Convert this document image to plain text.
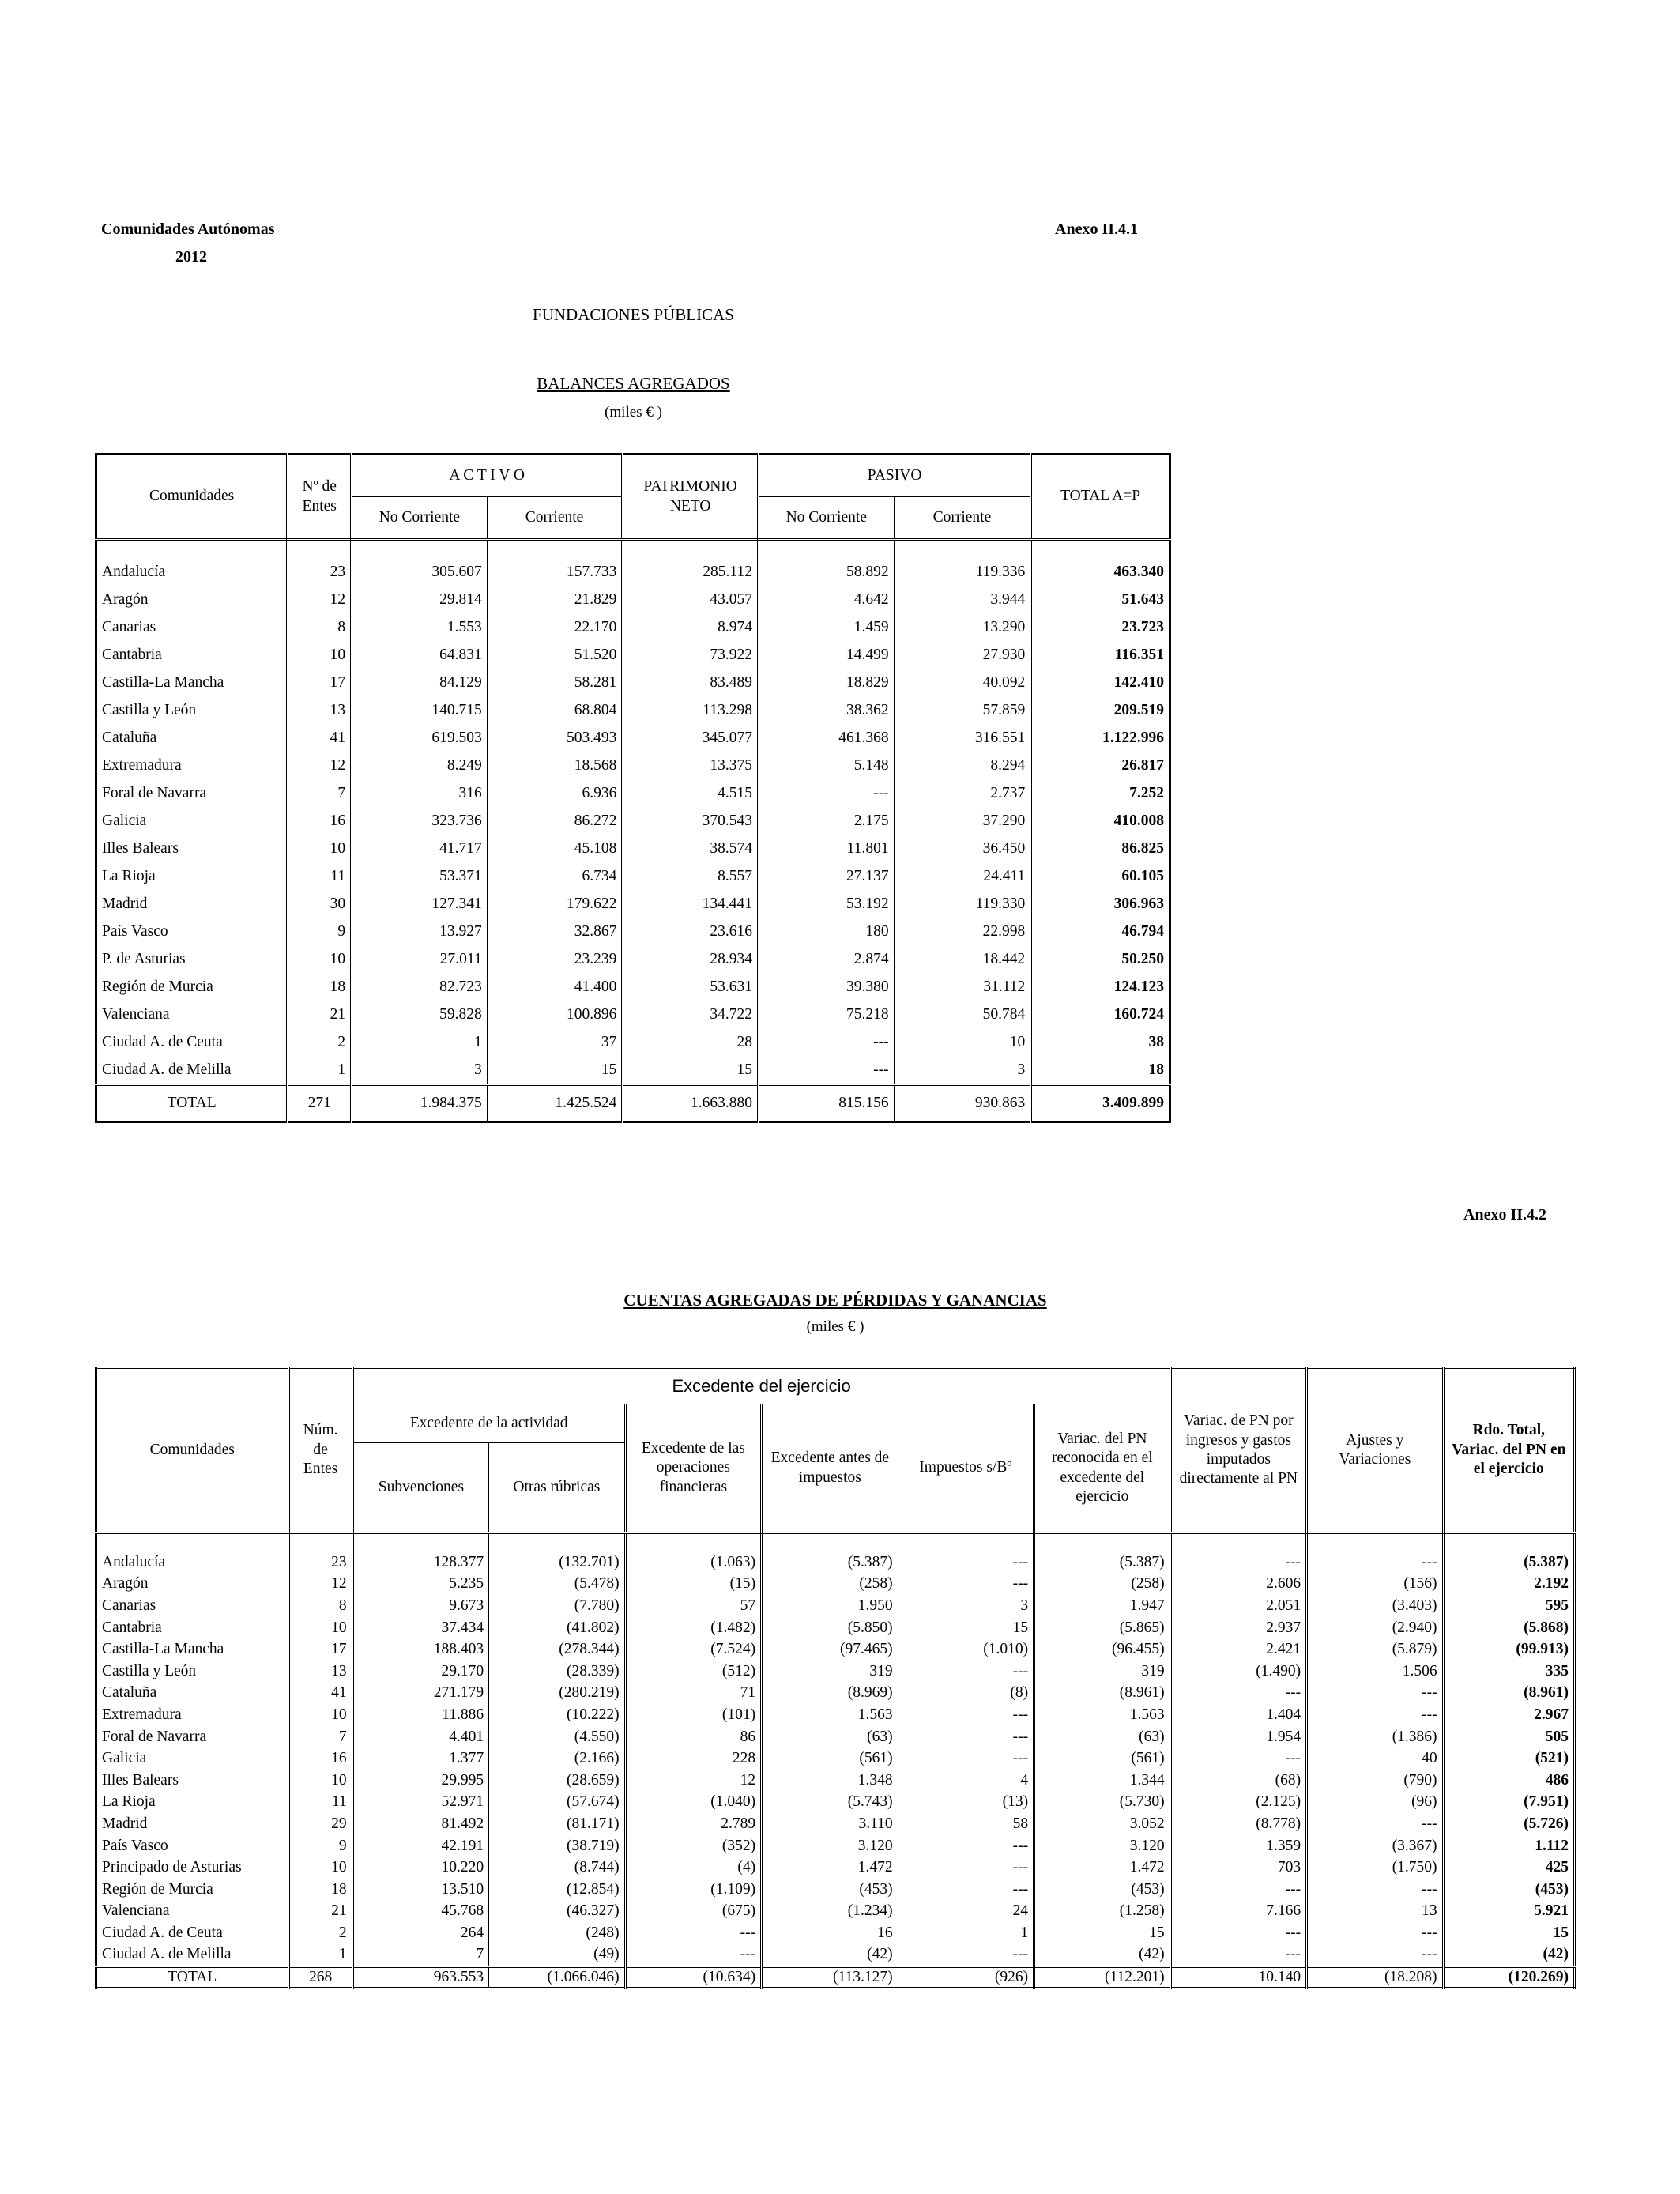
Comunidades Autónomas
2012
Anexo II.4.1
FUNDACIONES PÚBLICAS
BALANCES AGREGADOS
(miles € )
Comunidades	Nº de Entes	A C T I V O		PATRIMONIO NETO	PASIVO		TOTAL A=P
		No Corriente	Corriente		No Corriente	Corriente	

Andalucía	23	305.607	157.733	285.112	58.892	119.336	463.340
Aragón	12	29.814	21.829	43.057	4.642	3.944	51.643
Canarias	8	1.553	22.170	8.974	1.459	13.290	23.723
Cantabria	10	64.831	51.520	73.922	14.499	27.930	116.351
Castilla-La Mancha	17	84.129	58.281	83.489	18.829	40.092	142.410
Castilla y León	13	140.715	68.804	113.298	38.362	57.859	209.519
Cataluña	41	619.503	503.493	345.077	461.368	316.551	1.122.996
Extremadura	12	8.249	18.568	13.375	5.148	8.294	26.817
Foral de Navarra	7	316	6.936	4.515	---	2.737	7.252
Galicia	16	323.736	86.272	370.543	2.175	37.290	410.008
Illes Balears	10	41.717	45.108	38.574	11.801	36.450	86.825
La Rioja	11	53.371	6.734	8.557	27.137	24.411	60.105
Madrid	30	127.341	179.622	134.441	53.192	119.330	306.963
País Vasco	9	13.927	32.867	23.616	180	22.998	46.794
P. de Asturias	10	27.011	23.239	28.934	2.874	18.442	50.250
Región de Murcia	18	82.723	41.400	53.631	39.380	31.112	124.123
Valenciana	21	59.828	100.896	34.722	75.218	50.784	160.724
Ciudad A. de Ceuta	2	1	37	28	---	10	38
Ciudad A. de Melilla	1	3	15	15	---	3	18
TOTAL	271	1.984.375	1.425.524	1.663.880	815.156	930.863	3.409.899
Anexo II.4.2
CUENTAS AGREGADAS DE PÉRDIDAS Y GANANCIAS
(miles € )
Comunidades	Núm. de Entes	Excedente del ejercicio						Variac. de PN por ingresos y gastos imputados directamente al PN	Ajustes y Variaciones	Rdo. Total, Variac. del PN en el ejercicio
		Excedente de la actividad		Excedente de las operaciones financieras	Excedente antes de impuestos	Impuestos s/Bº	Variac. del PN reconocida en el excedente del ejercicio			
		Subvenciones	Otras rúbricas							

Andalucía	23	128.377	(132.701)	(1.063)	(5.387)	---	(5.387)	---	---	(5.387)
Aragón	12	5.235	(5.478)	(15)	(258)	---	(258)	2.606	(156)	2.192
Canarias	8	9.673	(7.780)	57	1.950	3	1.947	2.051	(3.403)	595
Cantabria	10	37.434	(41.802)	(1.482)	(5.850)	15	(5.865)	2.937	(2.940)	(5.868)
Castilla-La Mancha	17	188.403	(278.344)	(7.524)	(97.465)	(1.010)	(96.455)	2.421	(5.879)	(99.913)
Castilla y León	13	29.170	(28.339)	(512)	319	---	319	(1.490)	1.506	335
Cataluña	41	271.179	(280.219)	71	(8.969)	(8)	(8.961)	---	---	(8.961)
Extremadura	10	11.886	(10.222)	(101)	1.563	---	1.563	1.404	---	2.967
Foral de Navarra	7	4.401	(4.550)	86	(63)	---	(63)	1.954	(1.386)	505
Galicia	16	1.377	(2.166)	228	(561)	---	(561)	---	40	(521)
Illes Balears	10	29.995	(28.659)	12	1.348	4	1.344	(68)	(790)	486
La Rioja	11	52.971	(57.674)	(1.040)	(5.743)	(13)	(5.730)	(2.125)	(96)	(7.951)
Madrid	29	81.492	(81.171)	2.789	3.110	58	3.052	(8.778)	---	(5.726)
País Vasco	9	42.191	(38.719)	(352)	3.120	---	3.120	1.359	(3.367)	1.112
Principado de Asturias	10	10.220	(8.744)	(4)	1.472	---	1.472	703	(1.750)	425
Región de Murcia	18	13.510	(12.854)	(1.109)	(453)	---	(453)	---	---	(453)
Valenciana	21	45.768	(46.327)	(675)	(1.234)	24	(1.258)	7.166	13	5.921
Ciudad A. de Ceuta	2	264	(248)	---	16	1	15	---	---	15
Ciudad A. de Melilla	1	7	(49)	---	(42)	---	(42)	---	---	(42)
TOTAL	268	963.553	(1.066.046)	(10.634)	(113.127)	(926)	(112.201)	10.140	(18.208)	(120.269)
